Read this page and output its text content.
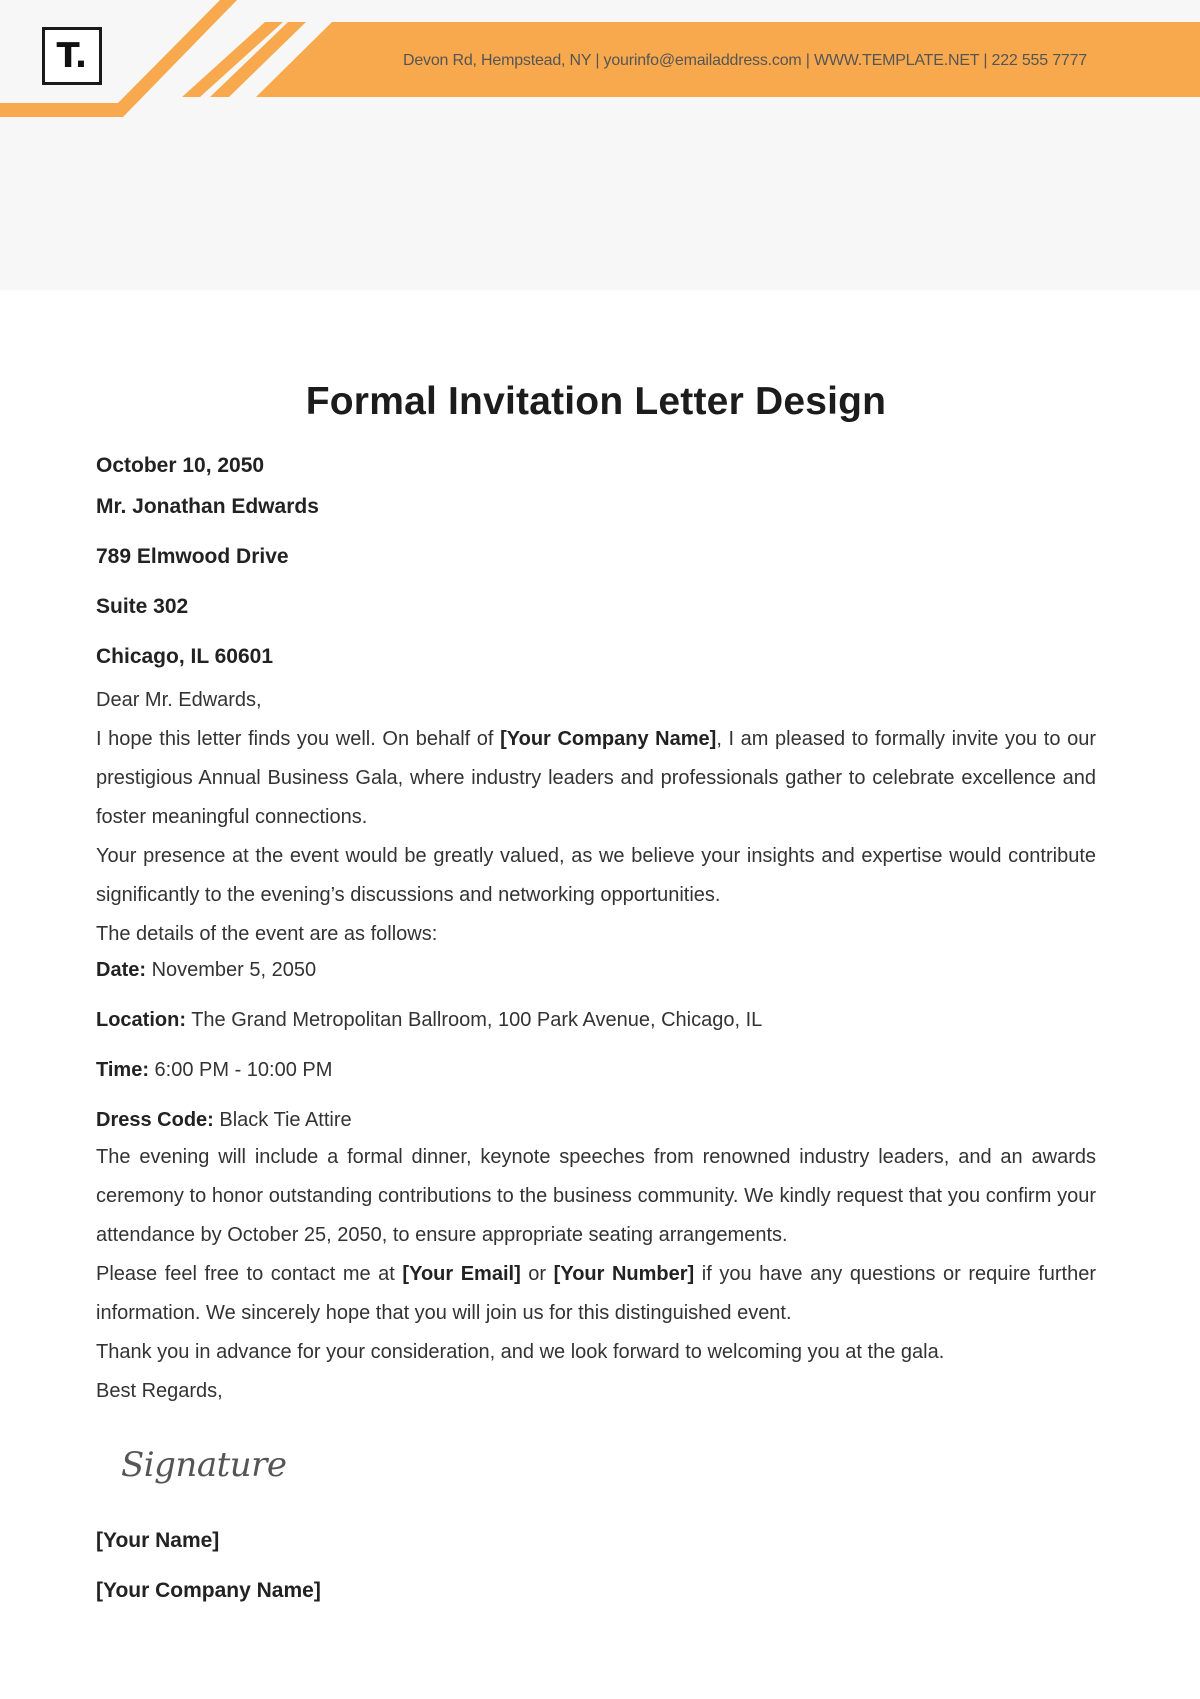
T.	Devon Rd, Hempstead, NY | yourinfo@emailaddress.com | WWW.TEMPLATE.NET | 222 555 7777
Formal Invitation Letter Design

October 10, 2050

Mr. Jonathan Edwards

789 Elmwood Drive

Suite 302

Chicago, IL 60601

Dear Mr. Edwards,

I hope this letter finds you well. On behalf of [Your Company Name], I am pleased to formally invite you to our prestigious Annual Business Gala, where industry leaders and professionals gather to celebrate excellence and foster meaningful connections.

Your presence at the event would be greatly valued, as we believe your insights and expertise would contribute significantly to the evening’s discussions and networking opportunities.

The details of the event are as follows:

Date: November 5, 2050

Location: The Grand Metropolitan Ballroom, 100 Park Avenue, Chicago, IL

Time: 6:00 PM - 10:00 PM

Dress Code: Black Tie Attire

The evening will include a formal dinner, keynote speeches from renowned industry leaders, and an awards ceremony to honor outstanding contributions to the business community. We kindly request that you confirm your attendance by October 25, 2050, to ensure appropriate seating arrangements.

Please feel free to contact me at [Your Email] or [Your Number] if you have any questions or require further information. We sincerely hope that you will join us for this distinguished event.

Thank you in advance for your consideration, and we look forward to welcoming you at the gala.

Best Regards,

Signature

[Your Name]

[Your Company Name]
